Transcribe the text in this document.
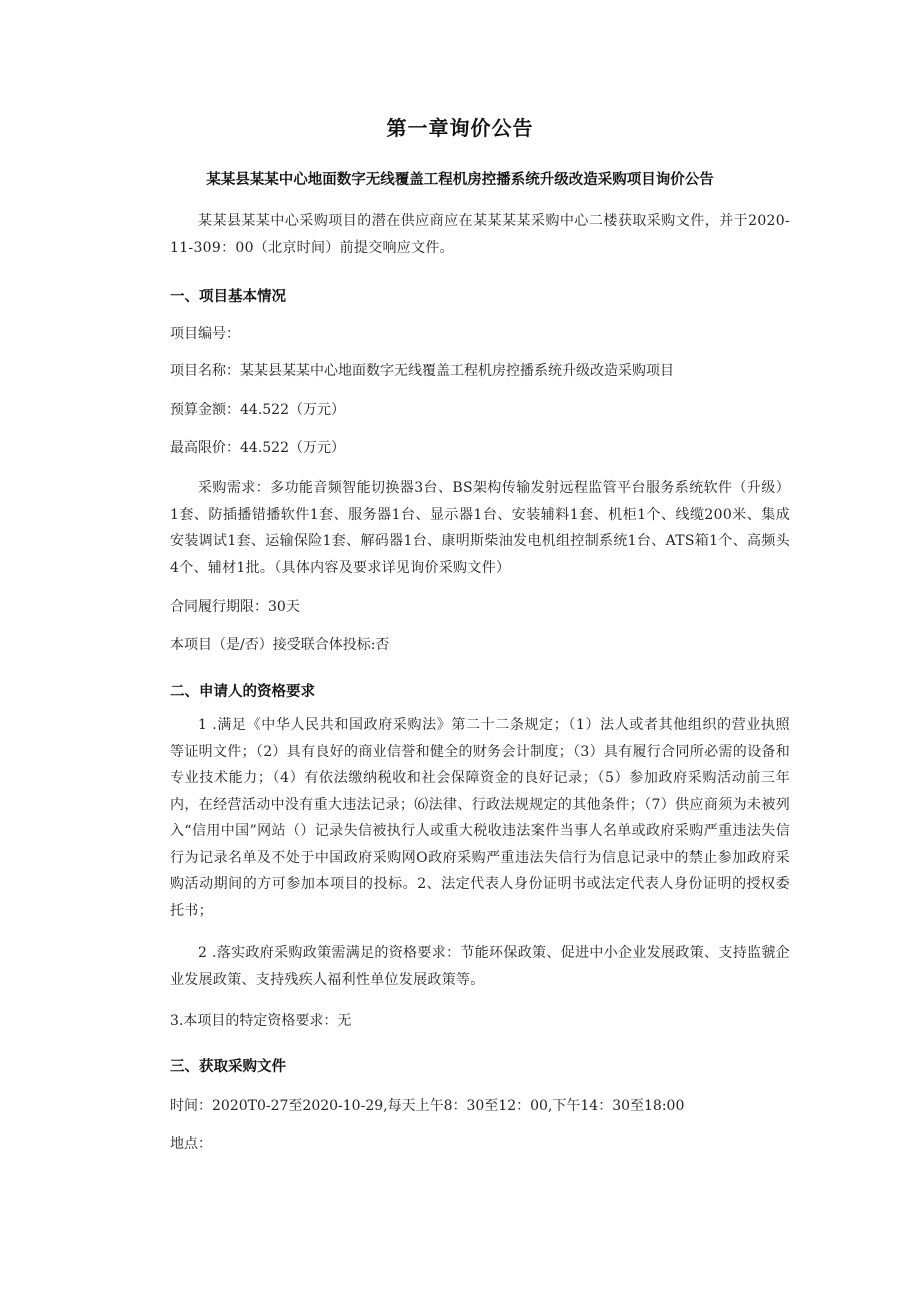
第一章询价公告
某某县某某中心地面数字无线覆盖工程机房控播系统升级改造采购项目询价公告
某某县某某中心采购项目的潜在供应商应在某某某某采购中心二楼获取采购文件，并于2020-11-309：00（北京时间）前提交响应文件。
一、项目基本情况
项目编号：
项目名称：某某县某某中心地面数字无线覆盖工程机房控播系统升级改造采购项目
预算金额：44.522（万元）
最高限价：44.522（万元）
采购需求：多功能音频智能切换器3台、BS架构传输发射远程监管平台服务系统软件（升级）1套、防插播错播软件1套、服务器1台、显示器1台、安装辅料1套、机柜1个、线缆200米、集成安装调试1套、运输保险1套、解码器1台、康明斯柴油发电机组控制系统1台、ATS箱1个、高频头4个、辅材1批。（具体内容及要求详见询价采购文件）
合同履行期限：30天
本项目（是/否）接受联合体投标:否
二、申请人的资格要求
1 .满足《中华人民共和国政府采购法》第二十二条规定；（1）法人或者其他组织的营业执照等证明文件；（2）具有良好的商业信誉和健全的财务会计制度；（3）具有履行合同所必需的设备和专业技术能力；（4）有依法缴纳税收和社会保障资金的良好记录；（5）参加政府采购活动前三年内，在经营活动中没有重大违法记录；⑹法律、行政法规规定的其他条件；（7）供应商须为未被列入“信用中国”网站（）记录失信被执行人或重大税收违法案件当事人名单或政府采购严重违法失信行为记录名单及不处于中国政府采购网O政府采购严重违法失信行为信息记录中的禁止参加政府采购活动期间的方可参加本项目的投标。2、法定代表人身份证明书或法定代表人身份证明的授权委托书；
2 .落实政府采购政策需满足的资格要求：节能环保政策、促进中小企业发展政策、支持监虢企业发展政策、支持残疾人福利性单位发展政策等。
3.本项目的特定资格要求：无
三、获取采购文件
时间：2020T0-27至2020-10-29,每天上午8：30至12：00,下午14：30至18:00
地点：
